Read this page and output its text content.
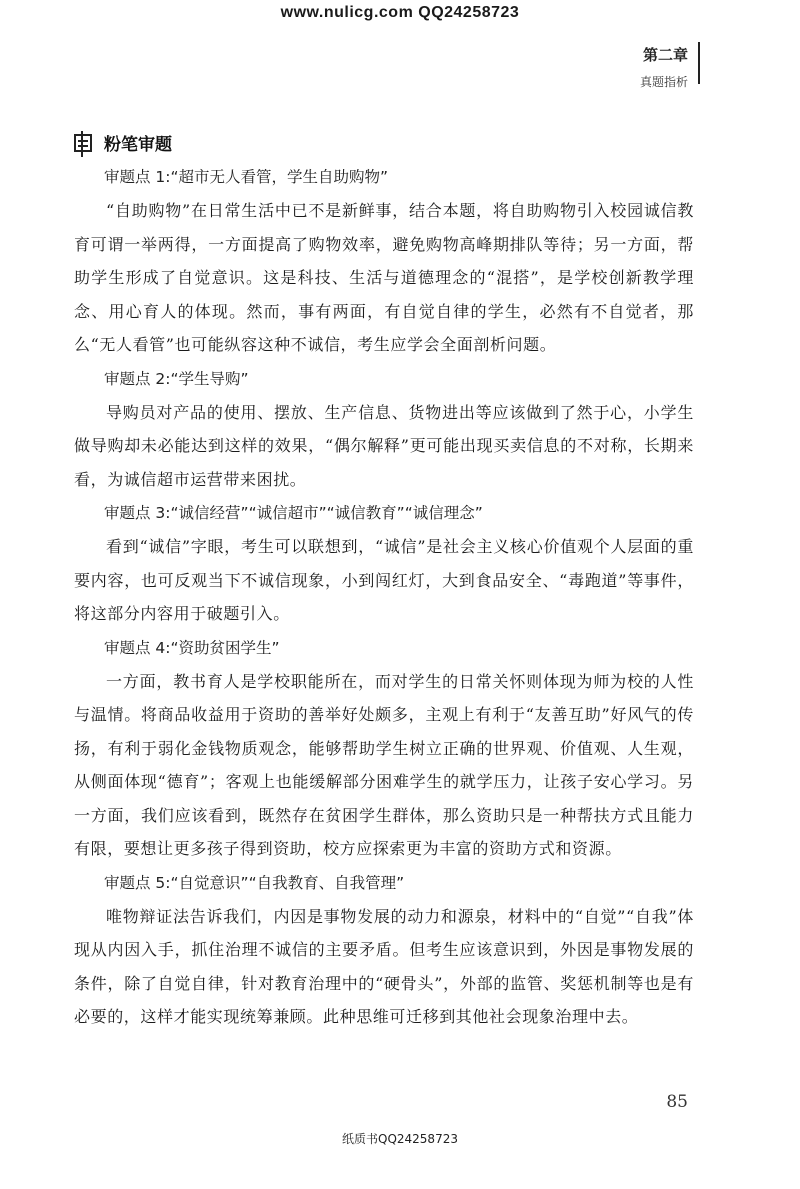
www.nulicg.com QQ24258723
第二章
真题指析
粉笔审题

审题点 1:“超市无人看管，学生自助购物”

“自助购物”在日常生活中已不是新鲜事，结合本题，将自助购物引入校园诚信教育可谓一举两得，一方面提高了购物效率，避免购物高峰期排队等待；另一方面，帮助学生形成了自觉意识。这是科技、生活与道德理念的“混搭”，是学校创新教学理念、用心育人的体现。然而，事有两面，有自觉自律的学生，必然有不自觉者，那么“无人看管”也可能纵容这种不诚信，考生应学会全面剖析问题。

审题点 2:“学生导购”

导购员对产品的使用、摆放、生产信息、货物进出等应该做到了然于心，小学生做导购却未必能达到这样的效果，“偶尔解释”更可能出现买卖信息的不对称，长期来看，为诚信超市运营带来困扰。

审题点 3:“诚信经营”“诚信超市”“诚信教育”“诚信理念”

看到“诚信”字眼，考生可以联想到，“诚信”是社会主义核心价值观个人层面的重要内容，也可反观当下不诚信现象，小到闯红灯，大到食品安全、“毒跑道”等事件，将这部分内容用于破题引入。

审题点 4:“资助贫困学生”

一方面，教书育人是学校职能所在，而对学生的日常关怀则体现为师为校的人性与温情。将商品收益用于资助的善举好处颇多，主观上有利于“友善互助”好风气的传扬，有利于弱化金钱物质观念，能够帮助学生树立正确的世界观、价值观、人生观，从侧面体现“德育”；客观上也能缓解部分困难学生的就学压力，让孩子安心学习。另一方面，我们应该看到，既然存在贫困学生群体，那么资助只是一种帮扶方式且能力有限，要想让更多孩子得到资助，校方应探索更为丰富的资助方式和资源。

审题点 5:“自觉意识”“自我教育、自我管理”

唯物辩证法告诉我们，内因是事物发展的动力和源泉，材料中的“自觉”“自我”体现从内因入手，抓住治理不诚信的主要矛盾。但考生应该意识到，外因是事物发展的条件，除了自觉自律，针对教育治理中的“硬骨头”，外部的监管、奖惩机制等也是有必要的，这样才能实现统筹兼顾。此种思维可迁移到其他社会现象治理中去。

85
纸质书QQ24258723
